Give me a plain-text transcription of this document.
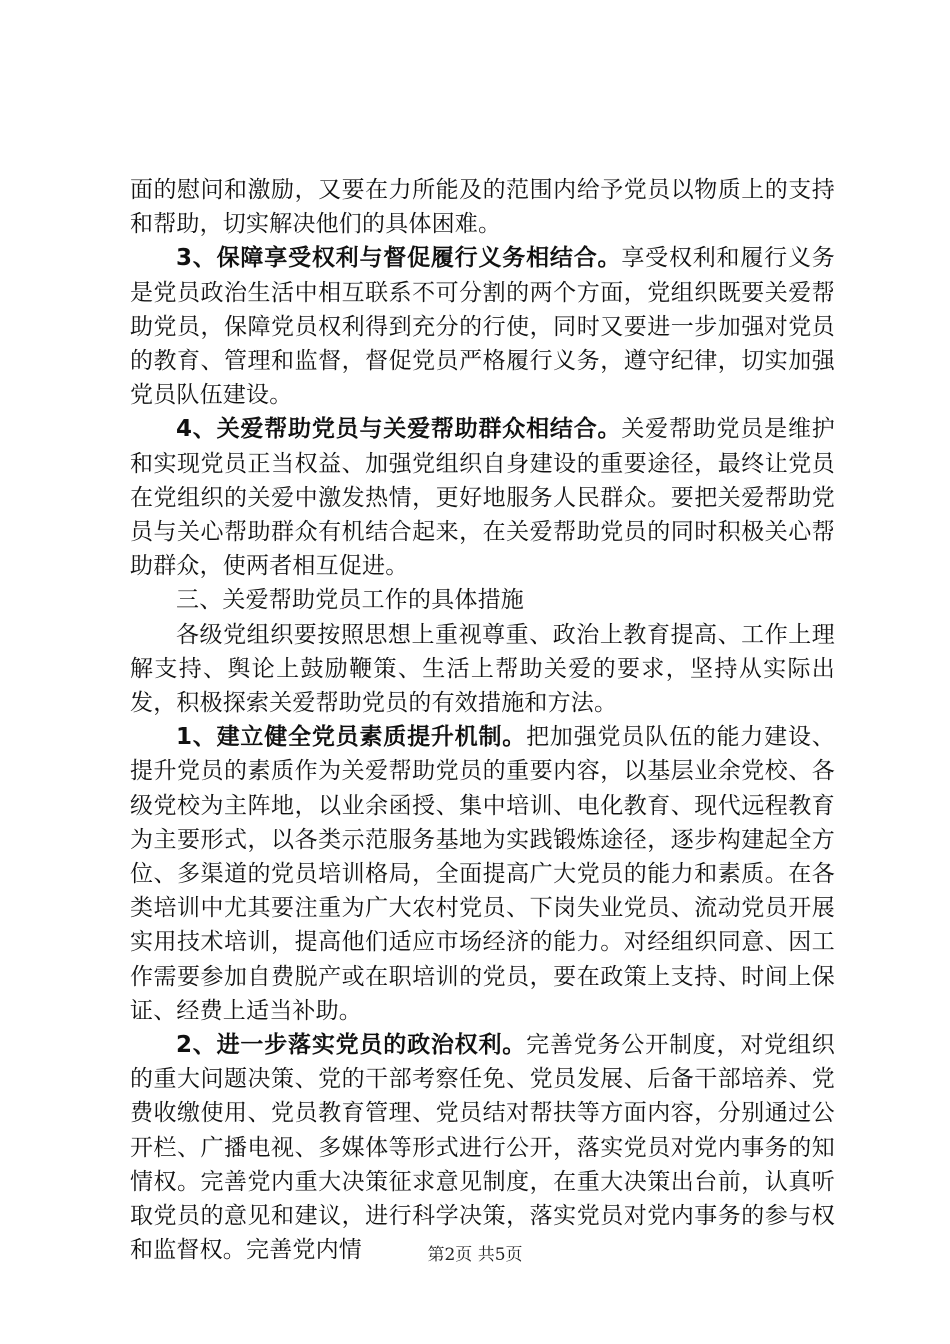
面的慰问和激励，又要在力所能及的范围内给予党员以物质上的支持和帮助，切实解决他们的具体困难。

3、保障享受权利与督促履行义务相结合。享受权利和履行义务是党员政治生活中相互联系不可分割的两个方面，党组织既要关爱帮助党员，保障党员权利得到充分的行使，同时又要进一步加强对党员的教育、管理和监督，督促党员严格履行义务，遵守纪律，切实加强党员队伍建设。

4、关爱帮助党员与关爱帮助群众相结合。关爱帮助党员是维护和实现党员正当权益、加强党组织自身建设的重要途径，最终让党员在党组织的关爱中激发热情，更好地服务人民群众。要把关爱帮助党员与关心帮助群众有机结合起来，在关爱帮助党员的同时积极关心帮助群众，使两者相互促进。

三、关爱帮助党员工作的具体措施

各级党组织要按照思想上重视尊重、政治上教育提高、工作上理解支持、舆论上鼓励鞭策、生活上帮助关爱的要求，坚持从实际出发，积极探索关爱帮助党员的有效措施和方法。

1、建立健全党员素质提升机制。把加强党员队伍的能力建设、提升党员的素质作为关爱帮助党员的重要内容，以基层业余党校、各级党校为主阵地，以业余函授、集中培训、电化教育、现代远程教育为主要形式，以各类示范服务基地为实践锻炼途径，逐步构建起全方位、多渠道的党员培训格局，全面提高广大党员的能力和素质。在各类培训中尤其要注重为广大农村党员、下岗失业党员、流动党员开展实用技术培训，提高他们适应市场经济的能力。对经组织同意、因工作需要参加自费脱产或在职培训的党员，要在政策上支持、时间上保证、经费上适当补助。

2、进一步落实党员的政治权利。完善党务公开制度，对党组织的重大问题决策、党的干部考察任免、党员发展、后备干部培养、党费收缴使用、党员教育管理、党员结对帮扶等方面内容，分别通过公开栏、广播电视、多媒体等形式进行公开，落实党员对党内事务的知情权。完善党内重大决策征求意见制度，在重大决策出台前，认真听取党员的意见和建议，进行科学决策，落实党员对党内事务的参与权和监督权。完善党内情	第2页 共5页
